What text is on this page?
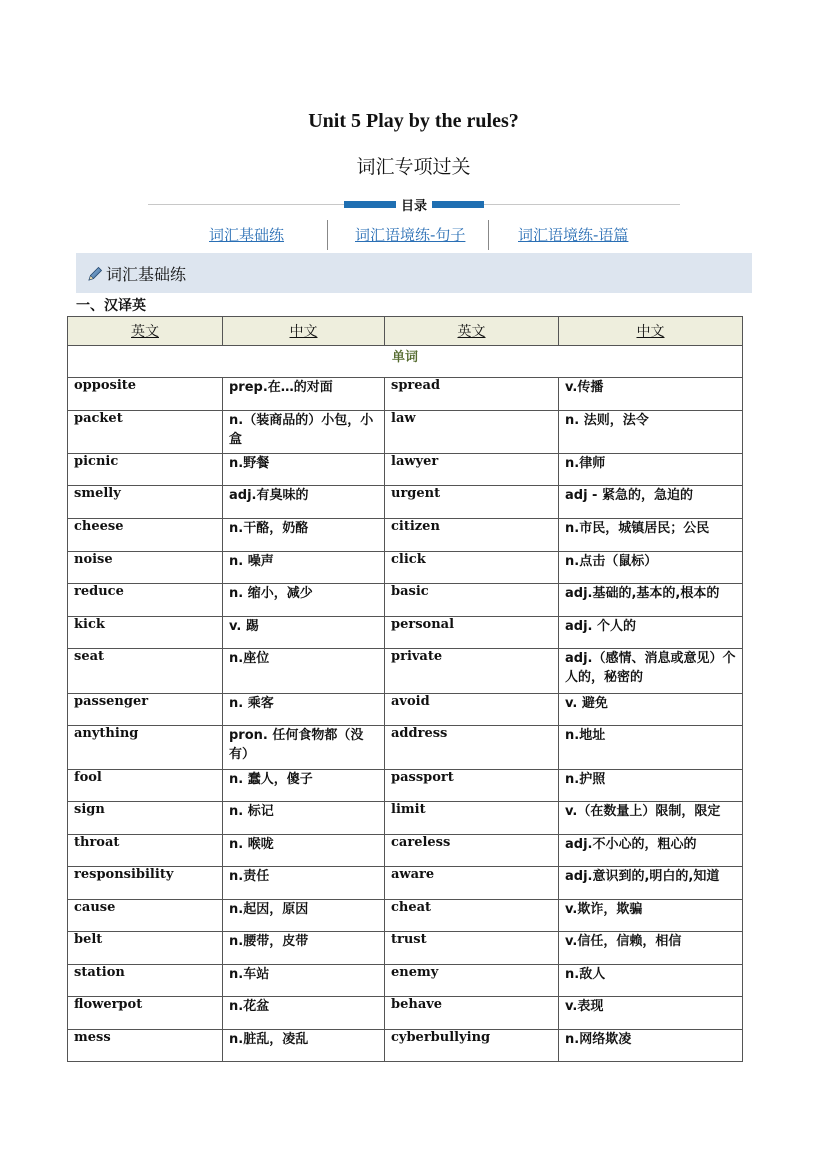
Unit 5 Play by the rules?
词汇专项过关
目录
词汇基础练	词汇语境练-句子	词汇语境练-语篇
词汇基础练
一、汉译英
英文	中文	英文	中文
单词			
opposite	prep.在…的对面	spread	v.传播
packet	n.（装商品的）小包，小盒	law	n. 法则，法令
picnic	n.野餐	lawyer	n.律师
smelly	adj.有臭味的	urgent	adj - 紧急的，急迫的
cheese	n.干酪，奶酪	citizen	n.市民，城镇居民；公民
noise	n. 噪声	click	n.点击（鼠标）
reduce	n. 缩小，减少	basic	adj.基础的,基本的,根本的
kick	v. 踢	personal	adj. 个人的
seat	n.座位	private	adj.（感情、消息或意见）个人的，秘密的
passenger	n. 乘客	avoid	v. 避免
anything	pron. 任何食物都（没有）	address	n.地址
fool	n. 蠢人，傻子	passport	n.护照
sign	n. 标记	limit	v.（在数量上）限制，限定
throat	n. 喉咙	careless	adj.不小心的，粗心的
responsibility	n.责任	aware	adj.意识到的,明白的,知道
cause	n.起因，原因	cheat	v.欺诈，欺骗
belt	n.腰带，皮带	trust	v.信任，信赖，相信
station	n.车站	enemy	n.敌人
flowerpot	n.花盆	behave	v.表现
mess	n.脏乱，凌乱	cyberbullying	n.网络欺凌
